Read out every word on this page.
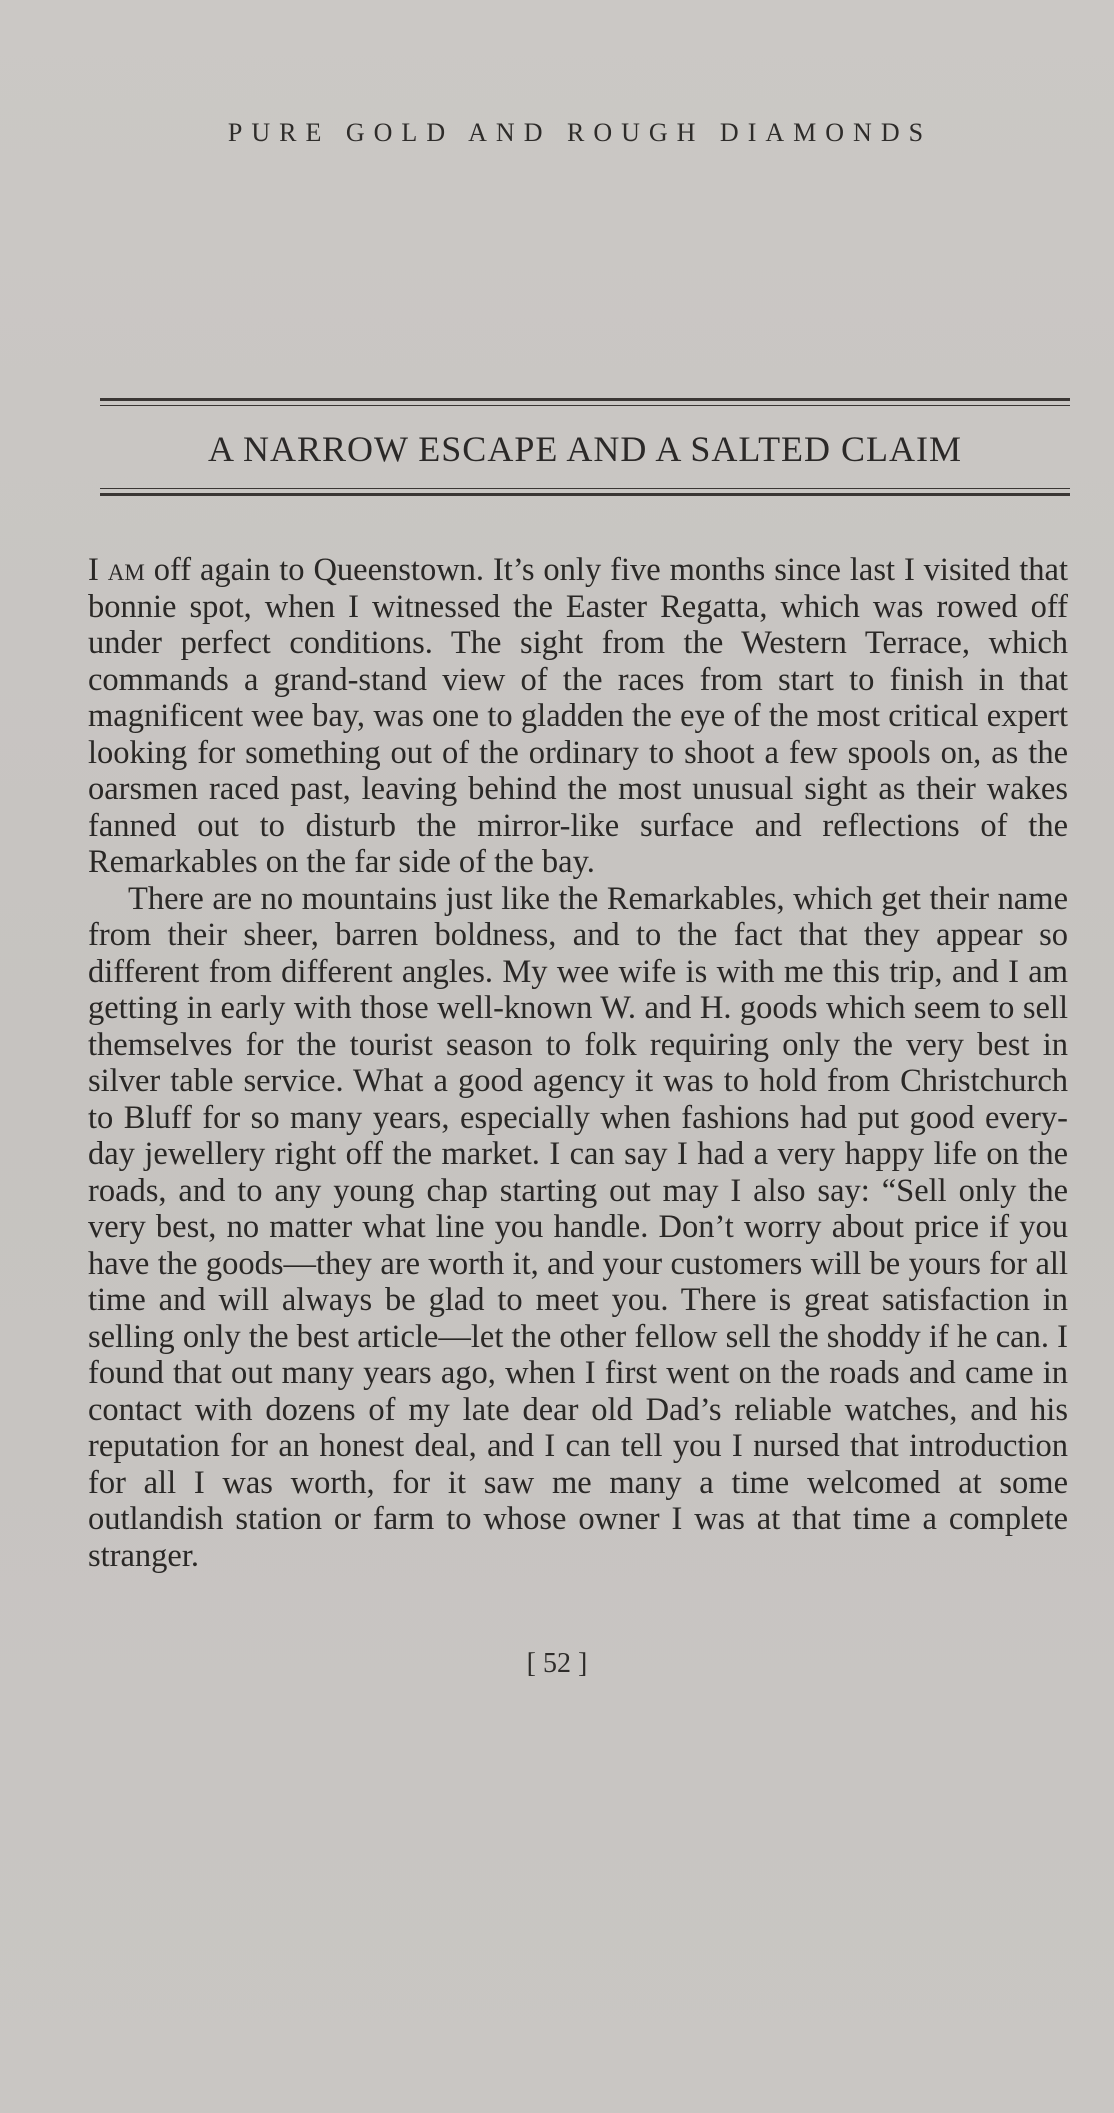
PURE GOLD AND ROUGH DIAMONDS
A NARROW ESCAPE AND A SALTED CLAIM

I am off again to Queenstown. It’s only five months since last I visited that bonnie spot, when I witnessed the Easter Regatta, which was rowed off under perfect conditions. The sight from the Western Terrace, which commands a grand-stand view of the races from start to finish in that magnificent wee bay, was one to gladden the eye of the most critical expert looking for something out of the ordinary to shoot a few spools on, as the oarsmen raced past, leaving behind the most unusual sight as their wakes fanned out to disturb the mirror-like surface and reflections of the Remarkables on the far side of the bay.

There are no mountains just like the Remarkables, which get their name from their sheer, barren boldness, and to the fact that they appear so different from different angles. My wee wife is with me this trip, and I am getting in early with those well-known W. and H. goods which seem to sell themselves for the tourist season to folk requiring only the very best in silver table service. What a good agency it was to hold from Christchurch to Bluff for so many years, especially when fashions had put good every-day jewellery right off the market. I can say I had a very happy life on the roads, and to any young chap starting out may I also say: “Sell only the very best, no matter what line you handle. Don’t worry about price if you have the goods—they are worth it, and your customers will be yours for all time and will always be glad to meet you. There is great satisfaction in selling only the best article—let the other fellow sell the shoddy if he can. I found that out many years ago, when I first went on the roads and came in contact with dozens of my late dear old Dad’s reliable watches, and his reputation for an honest deal, and I can tell you I nursed that introduction for all I was worth, for it saw me many a time welcomed at some outlandish station or farm to whose owner I was at that time a complete stranger.

[ 52 ]
